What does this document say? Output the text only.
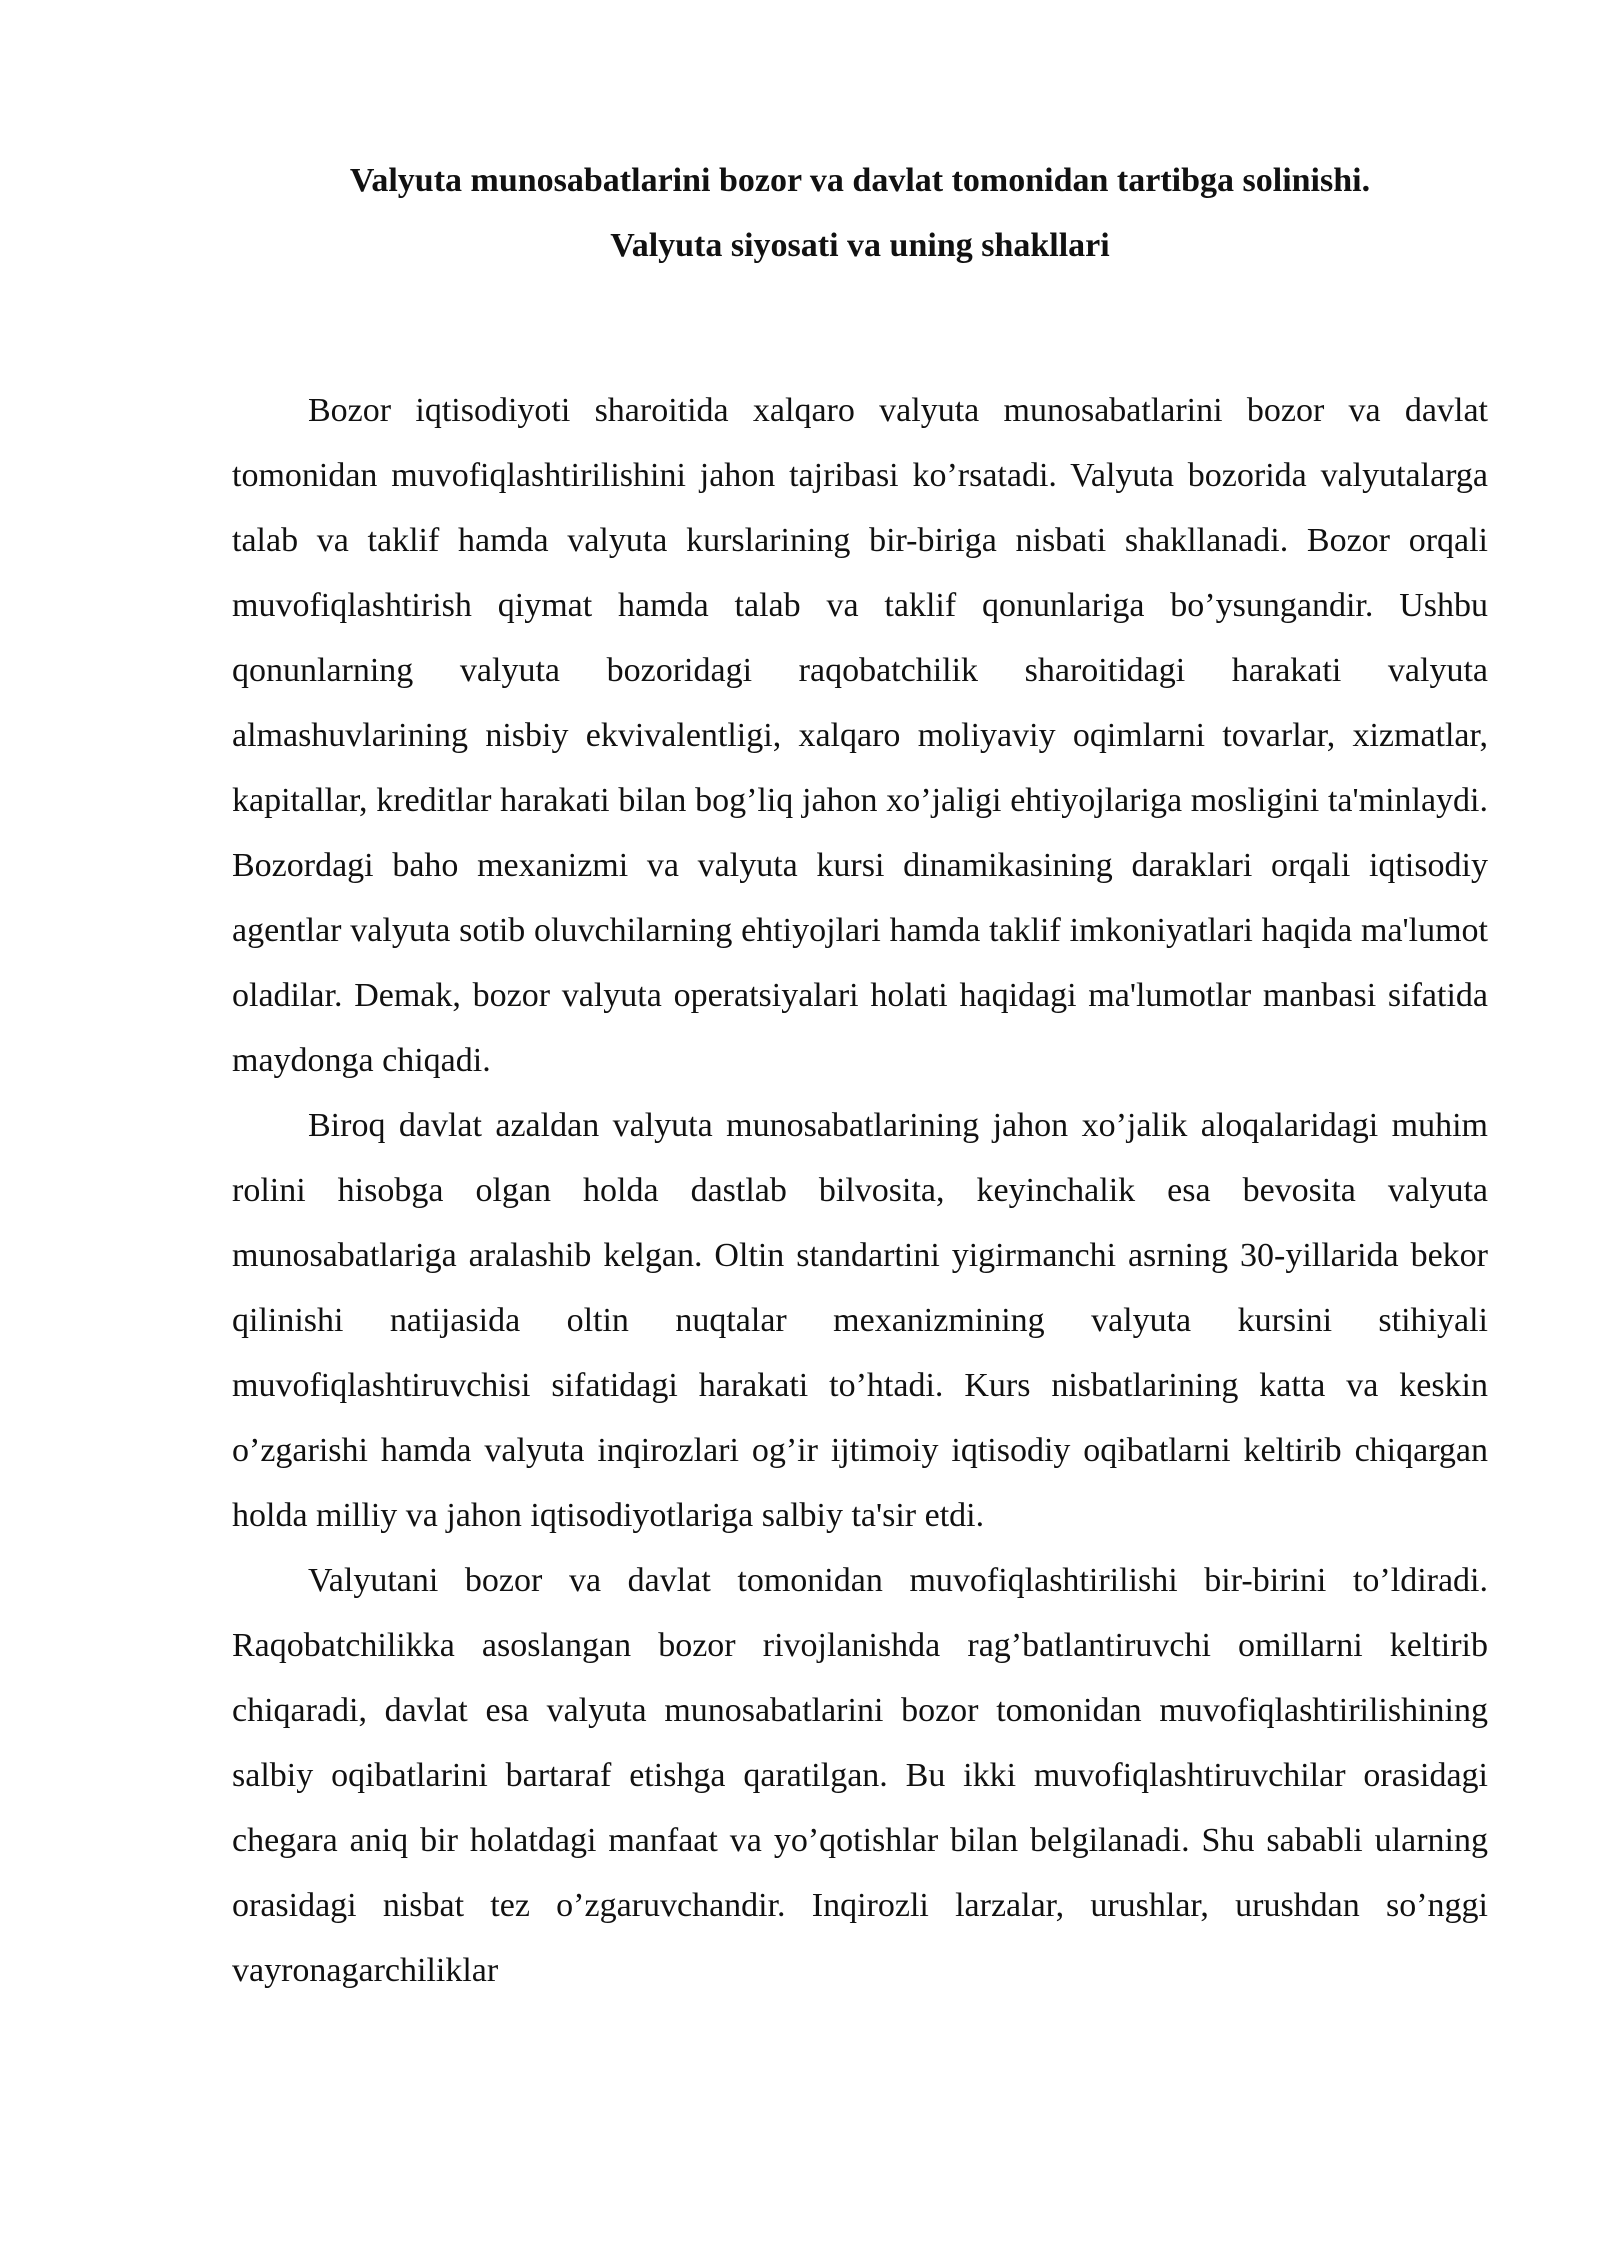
Valyuta munosabatlarini bozor va davlat tomonidan tartibga solinishi.
Valyuta siyosati va uning shakllari

Bozor iqtisodiyoti sharoitida xalqaro valyuta munosabatlarini bozor va davlat tomonidan muvofiqlashtirilishini jahon tajribasi ko’rsatadi. Valyuta bozorida valyutalarga talab va taklif hamda valyuta kurslarining bir-biriga nisbati shakllanadi. Bozor orqali muvofiqlashtirish qiymat hamda talab va taklif qonunlariga bo’ysungandir. Ushbu qonunlarning valyuta bozoridagi raqobatchilik sharoitidagi harakati valyuta almashuvlarining nisbiy ekvivalentligi, xalqaro moliyaviy oqimlarni tovarlar, xizmatlar, kapitallar, kreditlar harakati bilan bog’liq jahon xo’jaligi ehtiyojlariga mosligini ta'minlaydi. Bozordagi baho mexanizmi va valyuta kursi dinamikasining daraklari orqali iqtisodiy agentlar valyuta sotib oluvchilarning ehtiyojlari hamda taklif imkoniyatlari haqida ma'lumot oladilar. Demak, bozor valyuta operatsiyalari holati haqidagi ma'lumotlar manbasi sifatida maydonga chiqadi.

Biroq davlat azaldan valyuta munosabatlarining jahon xo’jalik aloqalaridagi muhim rolini hisobga olgan holda dastlab bilvosita, keyinchalik esa bevosita valyuta munosabatlariga aralashib kelgan. Oltin standartini yigirmanchi asrning 30-yillarida bekor qilinishi natijasida oltin nuqtalar mexanizmining valyuta kursini stihiyali muvofiqlashtiruvchisi sifatidagi harakati to’htadi. Kurs nisbatlarining katta va keskin o’zgarishi hamda valyuta inqirozlari og’ir ijtimoiy iqtisodiy oqibatlarni keltirib chiqargan holda milliy va jahon iqtisodiyotlariga salbiy ta'sir etdi.

Valyutani bozor va davlat tomonidan muvofiqlashtirilishi bir-birini to’ldiradi. Raqobatchilikka asoslangan bozor rivojlanishda rag’batlantiruvchi omillarni keltirib chiqaradi, davlat esa valyuta munosabatlarini bozor tomonidan muvofiqlashtirilishining salbiy oqibatlarini bartaraf etishga qaratilgan. Bu ikki muvofiqlashtiruvchilar orasidagi chegara aniq bir holatdagi manfaat va yo’qotishlar bilan belgilanadi. Shu sababli ularning orasidagi nisbat tez o’zgaruvchandir. Inqirozli larzalar, urushlar, urushdan so’nggi vayronagarchiliklar
